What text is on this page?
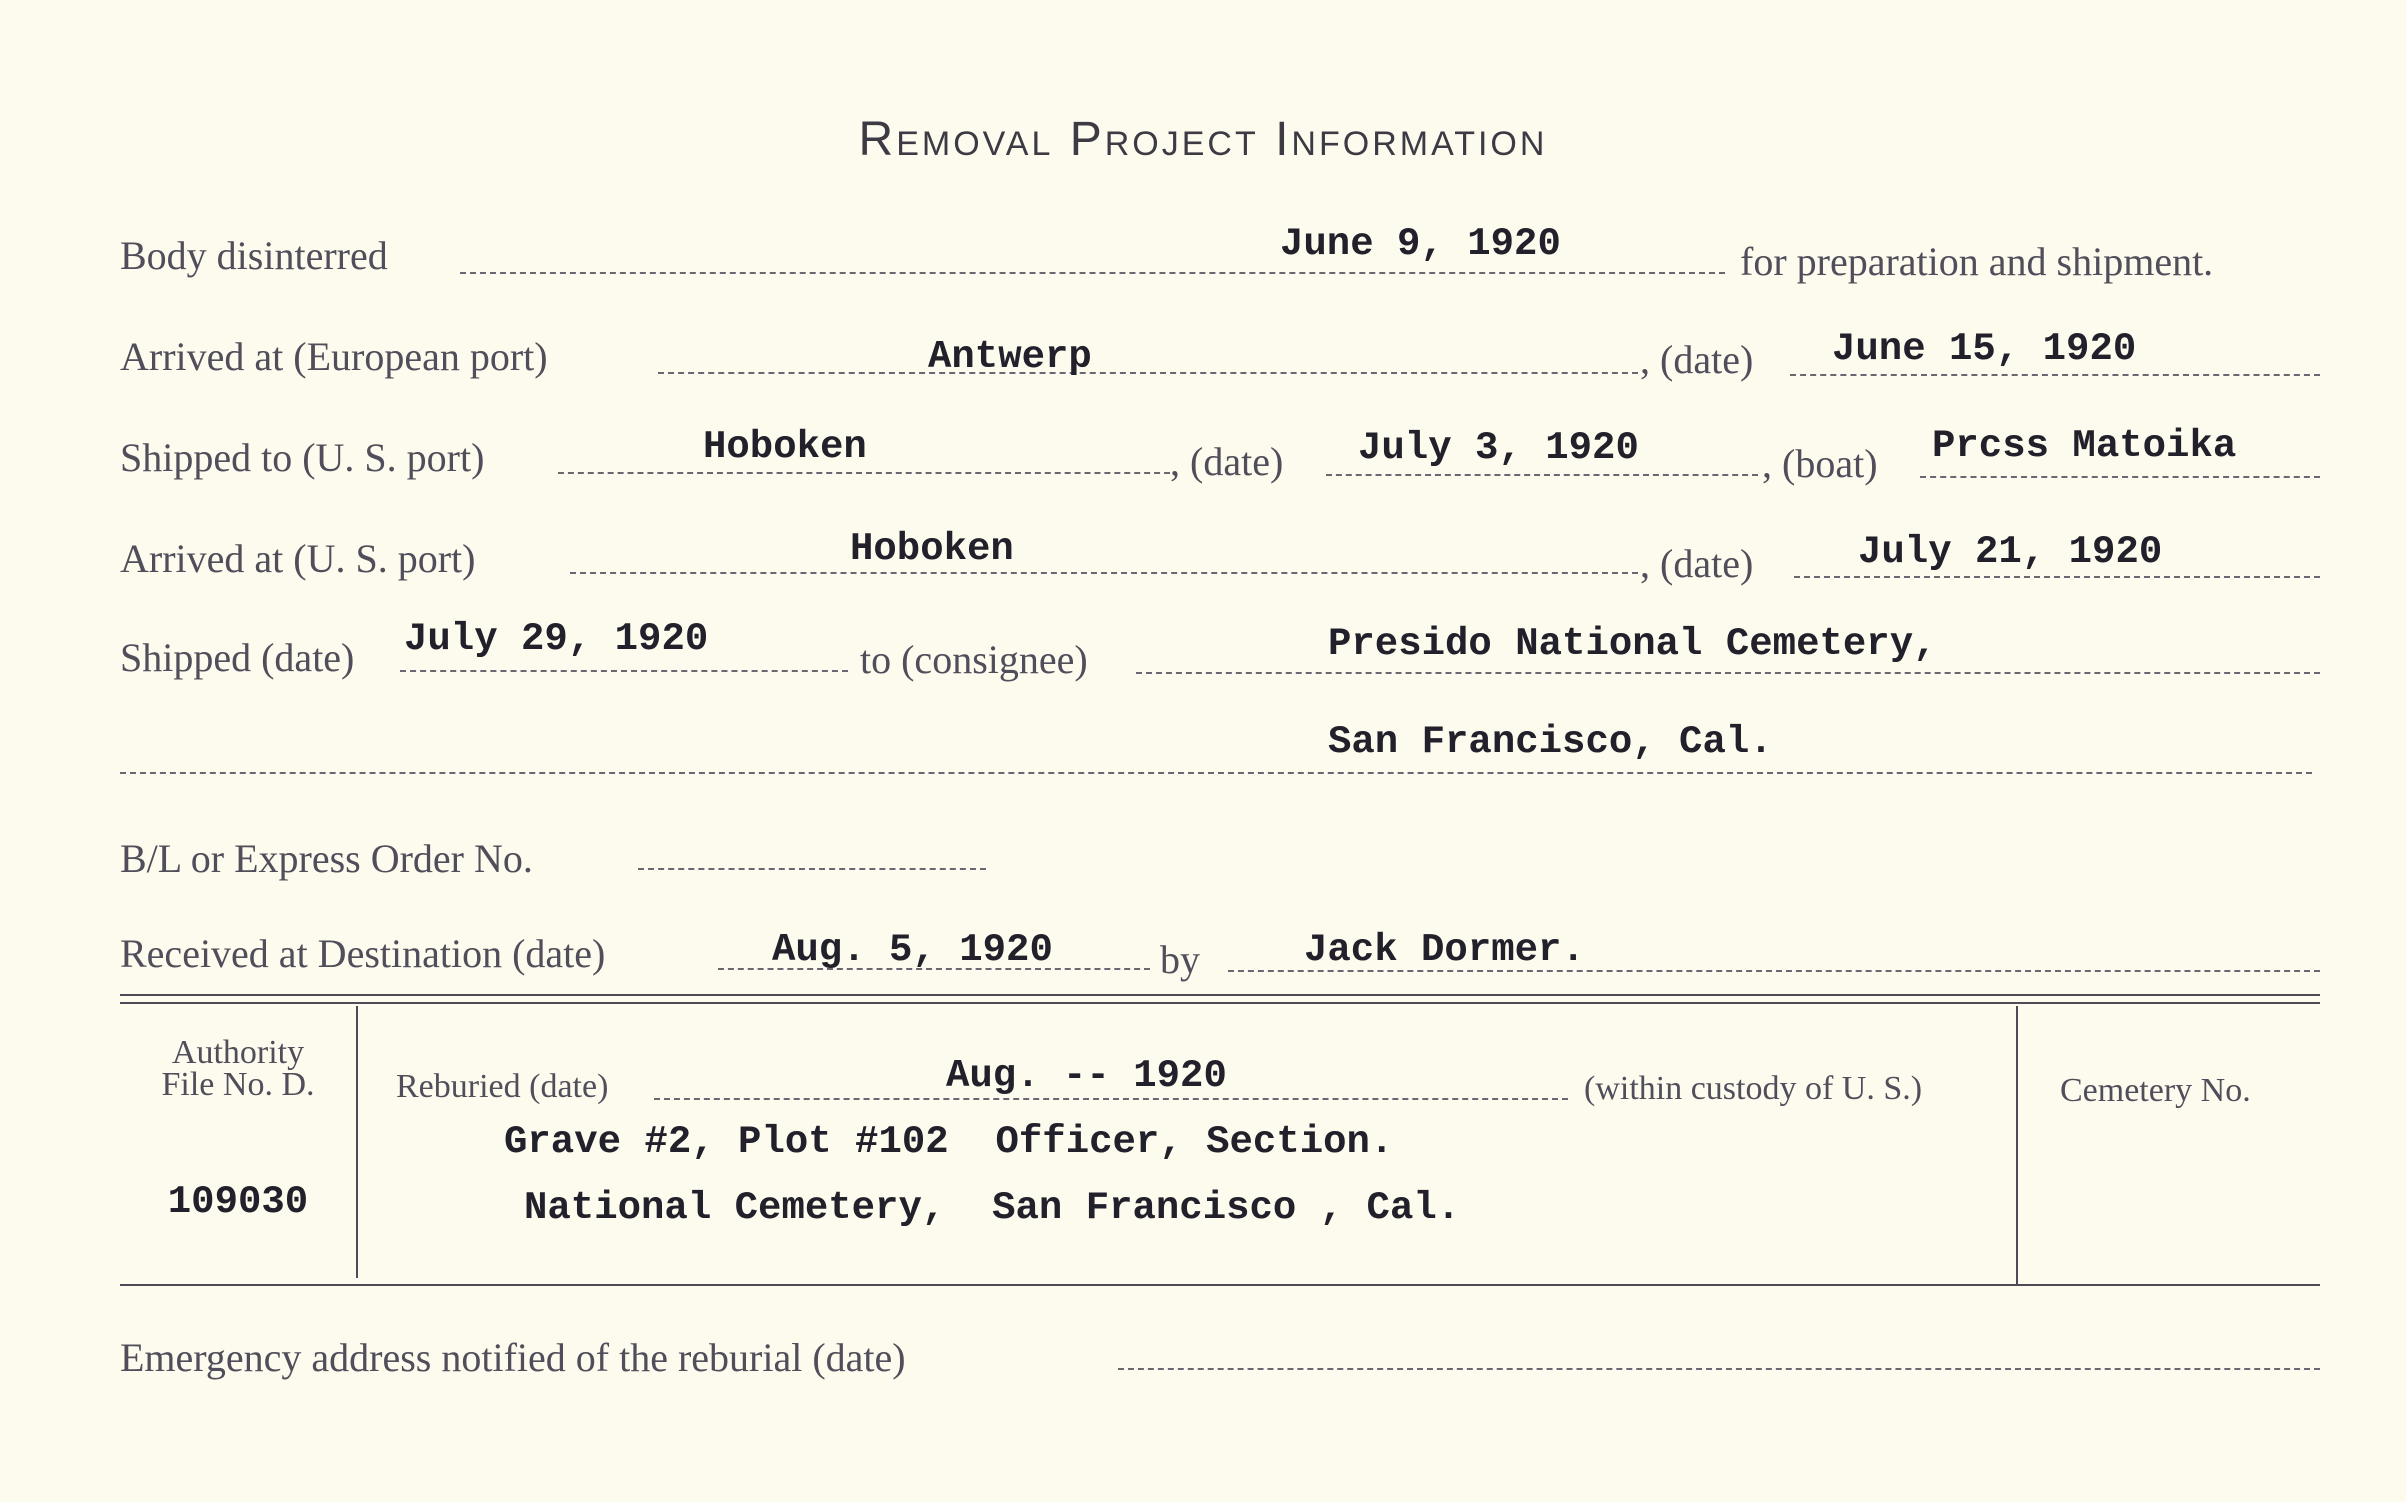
Removal Project Information
Body disinterred	June 9, 1920	for preparation and shipment.
Arrived at (European port)	Antwerp	, (date) June 15, 1920
Shipped to (U. S. port)	Hoboken	, (date) July 3, 1920	, (boat) Prcss Matoika
Arrived at (U. S. port)	Hoboken	, (date)	July 21, 1920
Shipped (date) July 29, 1920	to (consignee)	Presido National Cemetery,
San Francisco, Cal.
B/L or Express Order No.
Received at Destination (date)	Aug. 5, 1920	by	Jack Dormer.
Authority
File No. D.
109030
Reburied (date)	Aug. -- 1920	(within custody of U. S.)
Grave #2, Plot #102  Officer, Section.
National Cemetery,  San Francisco , Cal.
Cemetery No.
Emergency address notified of the reburial (date)
